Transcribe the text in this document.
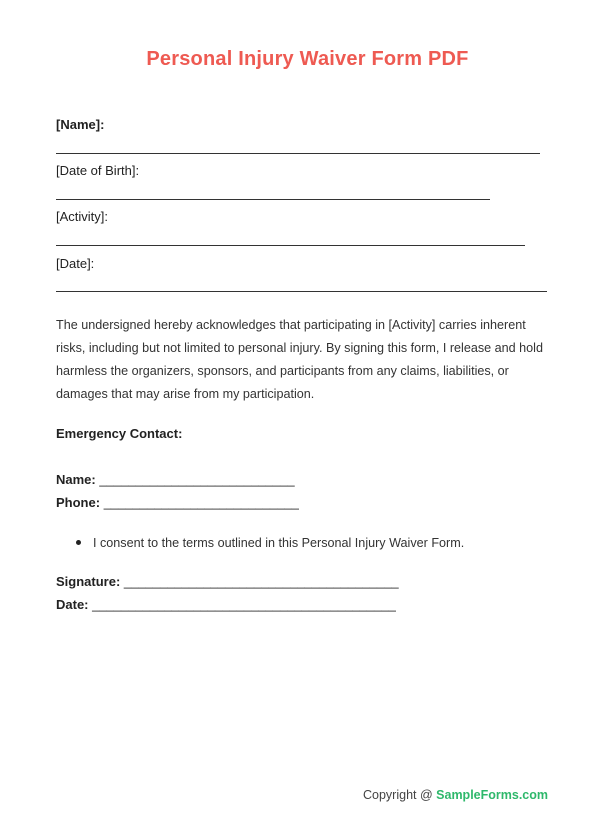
Personal Injury Waiver Form PDF
[Name]:
[Date of Birth]:
[Activity]:
[Date]:

The undersigned hereby acknowledges that participating in [Activity] carries inherent

risks, including but not limited to personal injury. By signing this form, I release and hold

harmless the organizers, sponsors, and participants from any claims, liabilities, or

damages that may arise from my participation.

Emergency Contact:
Name: ___________________________
Phone: ___________________________
I consent to the terms outlined in this Personal Injury Waiver Form.
Signature: ______________________________________
Date: __________________________________________
Copyright @ SampleForms.com
